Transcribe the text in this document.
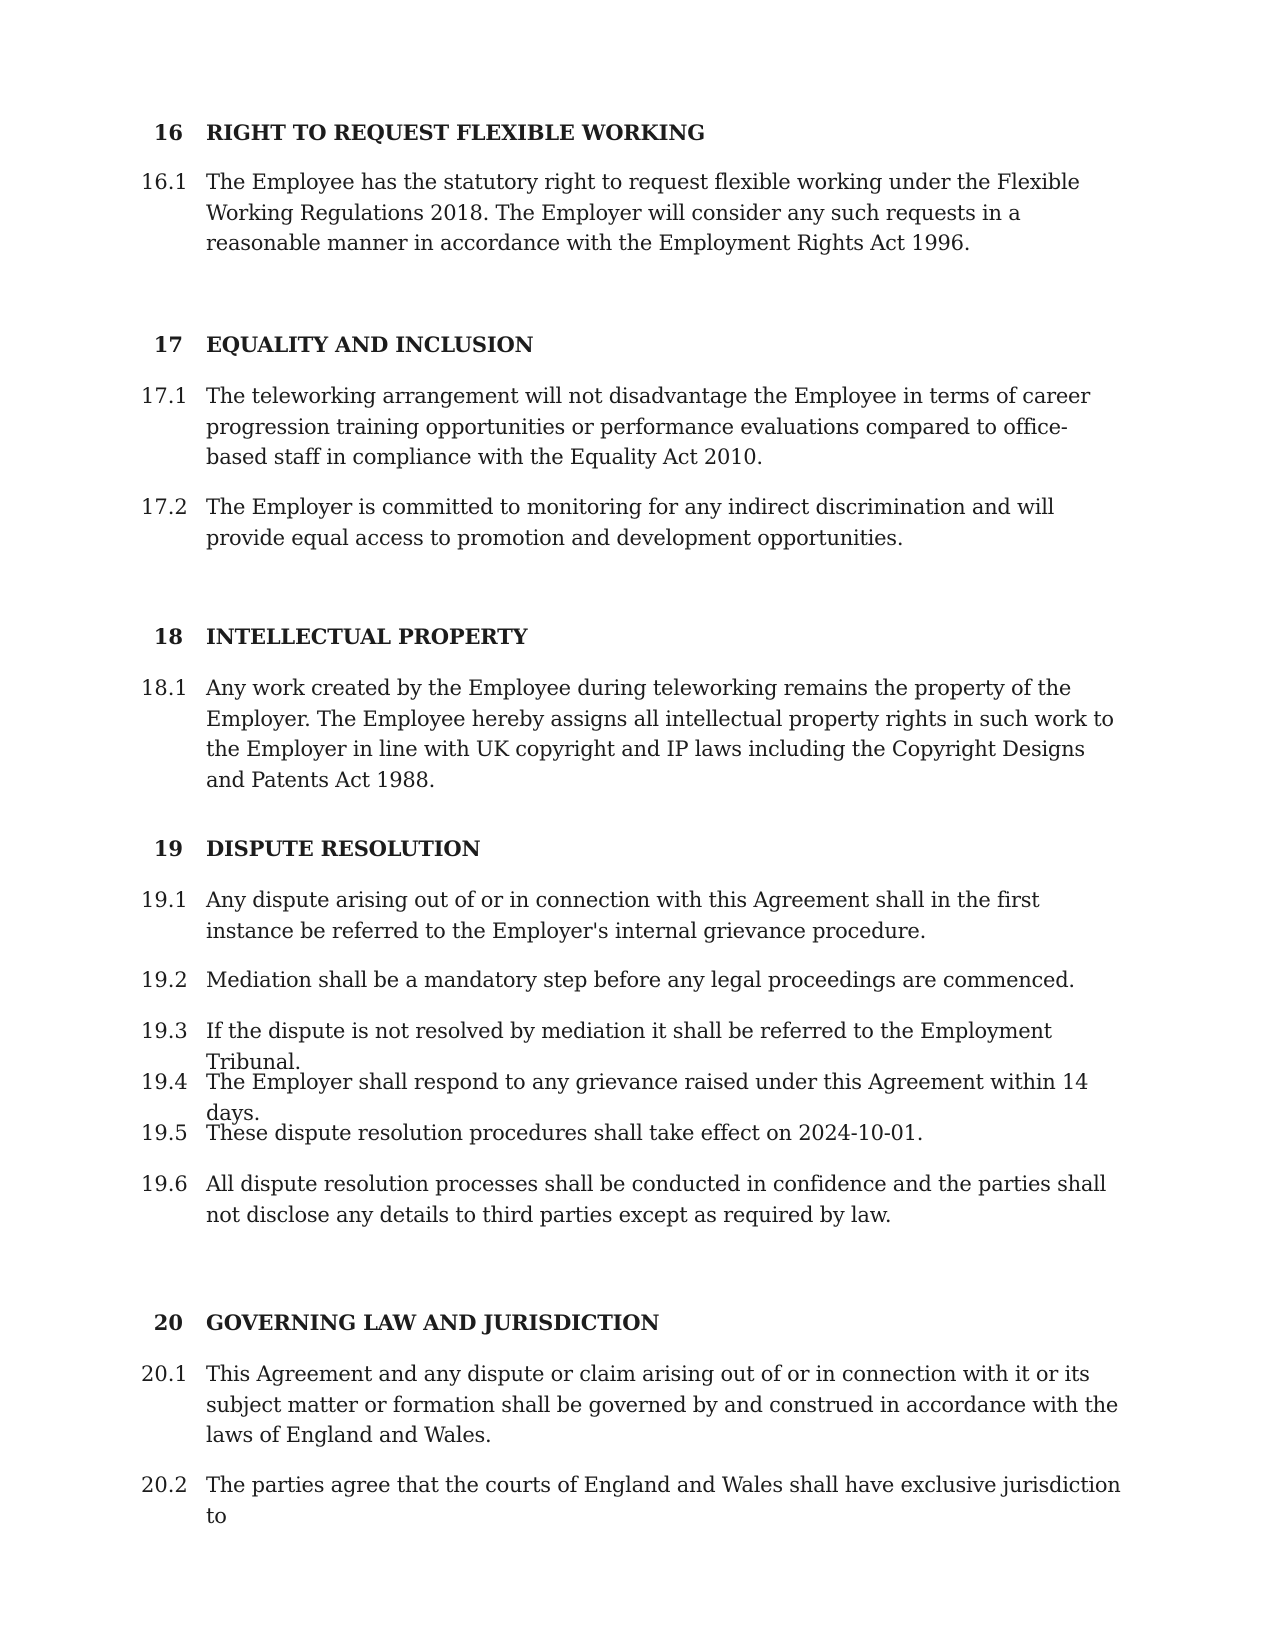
16 RIGHT TO REQUEST FLEXIBLE WORKING
16.1 The Employee has the statutory right to request flexible working under the Flexible Working Regulations 2018. The Employer will consider any such requests in a reasonable manner in accordance with the Employment Rights Act 1996.
17 EQUALITY AND INCLUSION
17.1 The teleworking arrangement will not disadvantage the Employee in terms of career progression training opportunities or performance evaluations compared to office-based staff in compliance with the Equality Act 2010.
17.2 The Employer is committed to monitoring for any indirect discrimination and will provide equal access to promotion and development opportunities.
18 INTELLECTUAL PROPERTY
18.1 Any work created by the Employee during teleworking remains the property of the Employer. The Employee hereby assigns all intellectual property rights in such work to the Employer in line with UK copyright and IP laws including the Copyright Designs and Patents Act 1988.
19 DISPUTE RESOLUTION
19.1 Any dispute arising out of or in connection with this Agreement shall in the first instance be referred to the Employer's internal grievance procedure.
19.2 Mediation shall be a mandatory step before any legal proceedings are commenced.
19.3 If the dispute is not resolved by mediation it shall be referred to the Employment Tribunal.
19.4 The Employer shall respond to any grievance raised under this Agreement within 14 days.
19.5 These dispute resolution procedures shall take effect on 2024-10-01.
19.6 All dispute resolution processes shall be conducted in confidence and the parties shall not disclose any details to third parties except as required by law.
20 GOVERNING LAW AND JURISDICTION
20.1 This Agreement and any dispute or claim arising out of or in connection with it or its subject matter or formation shall be governed by and construed in accordance with the laws of England and Wales.
20.2 The parties agree that the courts of England and Wales shall have exclusive jurisdiction to
